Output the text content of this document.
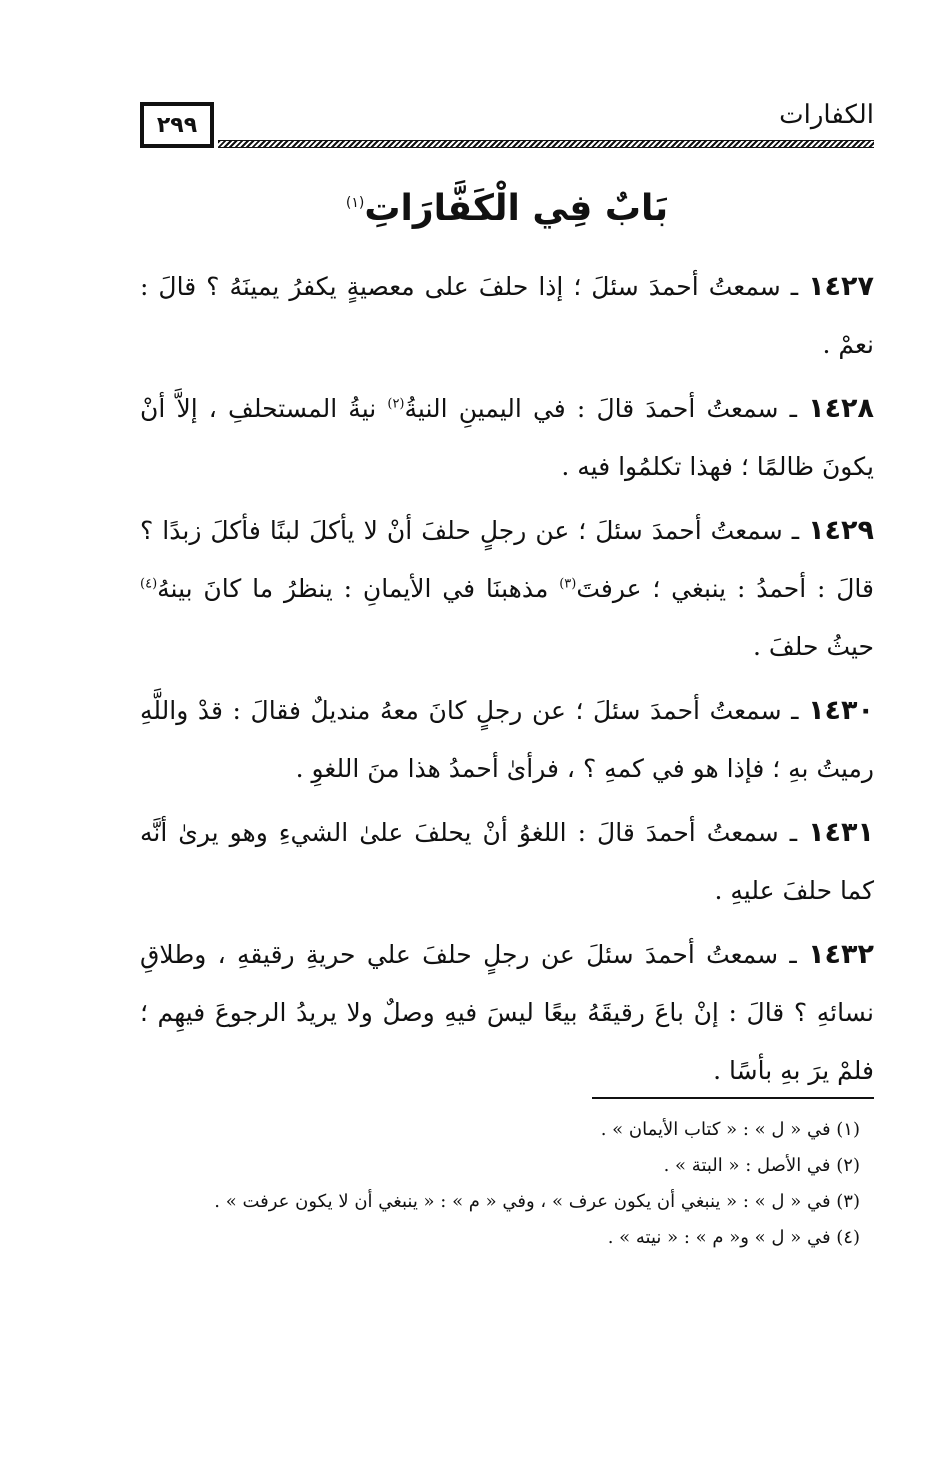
٢٩٩	الكفارات
بَابٌ فِي الْكَفَّارَاتِ$^{(١)}$

١٤٢٧ ـ سمعتُ أحمدَ سئلَ ؛ إذا حلفَ على معصيةٍ يكفرُ يمينَهُ ؟ قالَ : نعمْ .

١٤٢٨ ـ سمعتُ أحمدَ قالَ : في اليمينِ النيةُ$^{(٢)}$ نيةُ المستحلفِ ، إلاَّ أنْ يكونَ ظالمًا ؛ فهذا تكلمُوا فيه .

١٤٢٩ ـ سمعتُ أحمدَ سئلَ ؛ عن رجلٍ حلفَ أنْ لا يأكلَ لبنًا فأكلَ زبدًا ؟ قالَ : أحمدُ : ينبغي ؛ عرفتَ$^{(٣)}$ مذهبنَا في الأيمانِ : ينظرُ ما كانَ بينهُ$^{(٤)}$ حيثُ حلفَ .

١٤٣٠ ـ سمعتُ أحمدَ سئلَ ؛ عن رجلٍ كانَ معهُ منديلٌ فقالَ : قدْ واللَّهِ رميتُ بهِ ؛ فإذا هو في كمهِ ؟ ، فرأىٰ أحمدُ هذا منَ اللغوِ .

١٤٣١ ـ سمعتُ أحمدَ قالَ : اللغوُ أنْ يحلفَ علىٰ الشيءِ وهو يرىٰ أنَّه كما حلفَ عليهِ .

١٤٣٢ ـ سمعتُ أحمدَ سئلَ عن رجلٍ حلفَ علي حريةِ رقيقهِ ، وطلاقِ نسائهِ ؟ قالَ : إنْ باعَ رقيقَهُ بيعًا ليسَ فيهِ وصلٌ ولا يريدُ الرجوعَ فيهِم ؛ فلمْ يرَ بهِ بأسًا .

(١) في « ل » : « كتاب الأيمان » .

(٢) في الأصل : « البتة » .

(٣) في « ل » : « ينبغي أن يكون عرف » ، وفي « م » : « ينبغي أن لا يكون عرفت » .

(٤) في « ل » و« م » : « نيته » .
